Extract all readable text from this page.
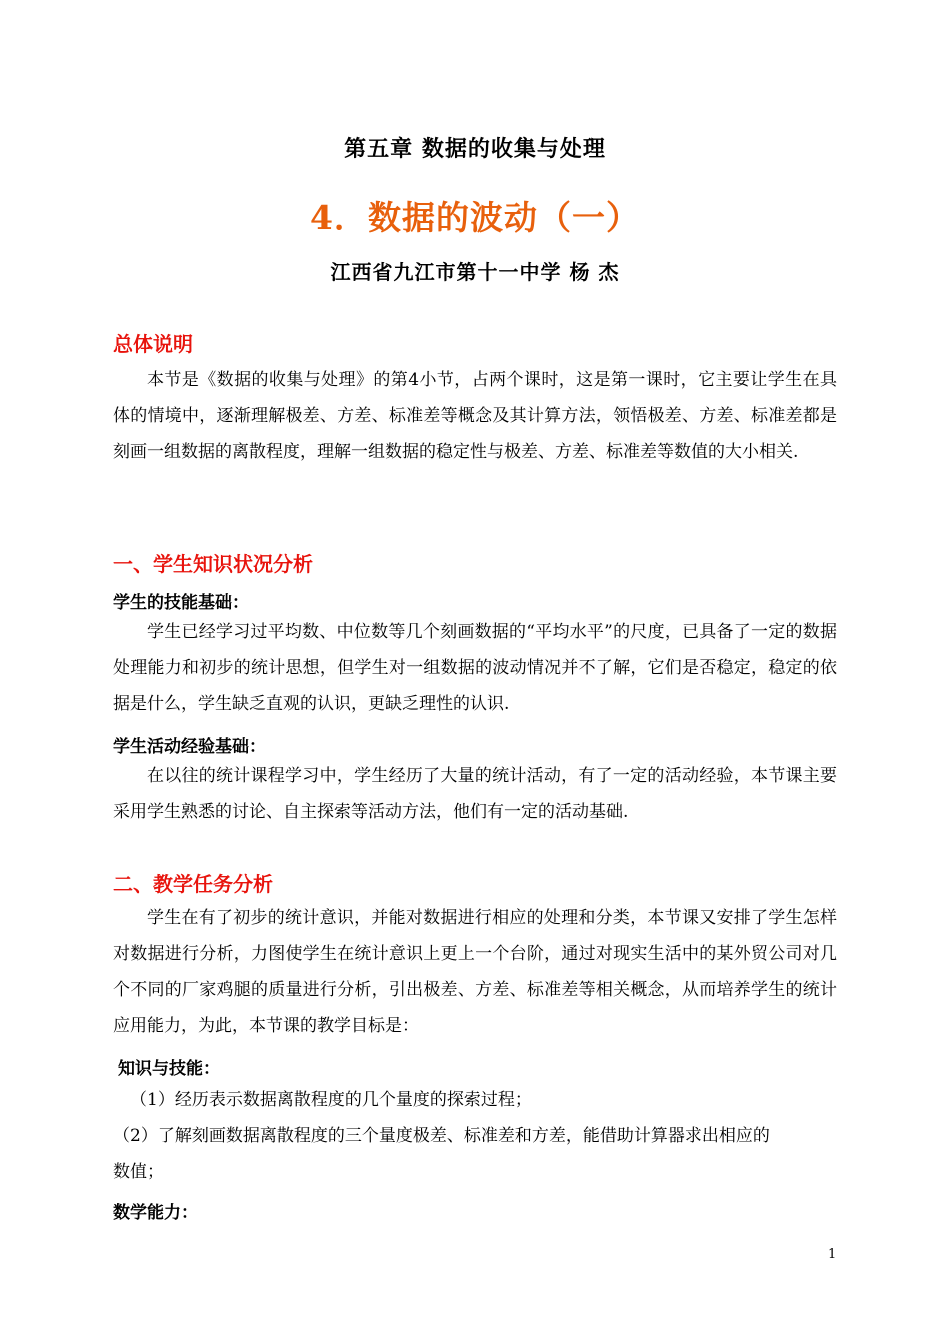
第五章 数据的收集与处理
4．数据的波动（一）
江西省九江市第十一中学 杨 杰
总体说明

本节是《数据的收集与处理》的第4小节，占两个课时，这是第一课时，它主要让学生在具体的情境中，逐渐理解极差、方差、标准差等概念及其计算方法，领悟极差、方差、标准差都是刻画一组数据的离散程度，理解一组数据的稳定性与极差、方差、标准差等数值的大小相关.

一、学生知识状况分析
学生的技能基础：

学生已经学习过平均数、中位数等几个刻画数据的“平均水平”的尺度，已具备了一定的数据处理能力和初步的统计思想，但学生对一组数据的波动情况并不了解，它们是否稳定，稳定的依据是什么，学生缺乏直观的认识，更缺乏理性的认识.

学生活动经验基础：

在以往的统计课程学习中，学生经历了大量的统计活动，有了一定的活动经验，本节课主要采用学生熟悉的讨论、自主探索等活动方法，他们有一定的活动基础.

二、教学任务分析

学生在有了初步的统计意识，并能对数据进行相应的处理和分类，本节课又安排了学生怎样对数据进行分析，力图使学生在统计意识上更上一个台阶，通过对现实生活中的某外贸公司对几个不同的厂家鸡腿的质量进行分析，引出极差、方差、标准差等相关概念，从而培养学生的统计应用能力，为此，本节课的教学目标是：

知识与技能：

（1）经历表示数据离散程度的几个量度的探索过程；

（2）了解刻画数据离散程度的三个量度极差、标准差和方差，能借助计算器求出相应的

数值；

数学能力：
1
